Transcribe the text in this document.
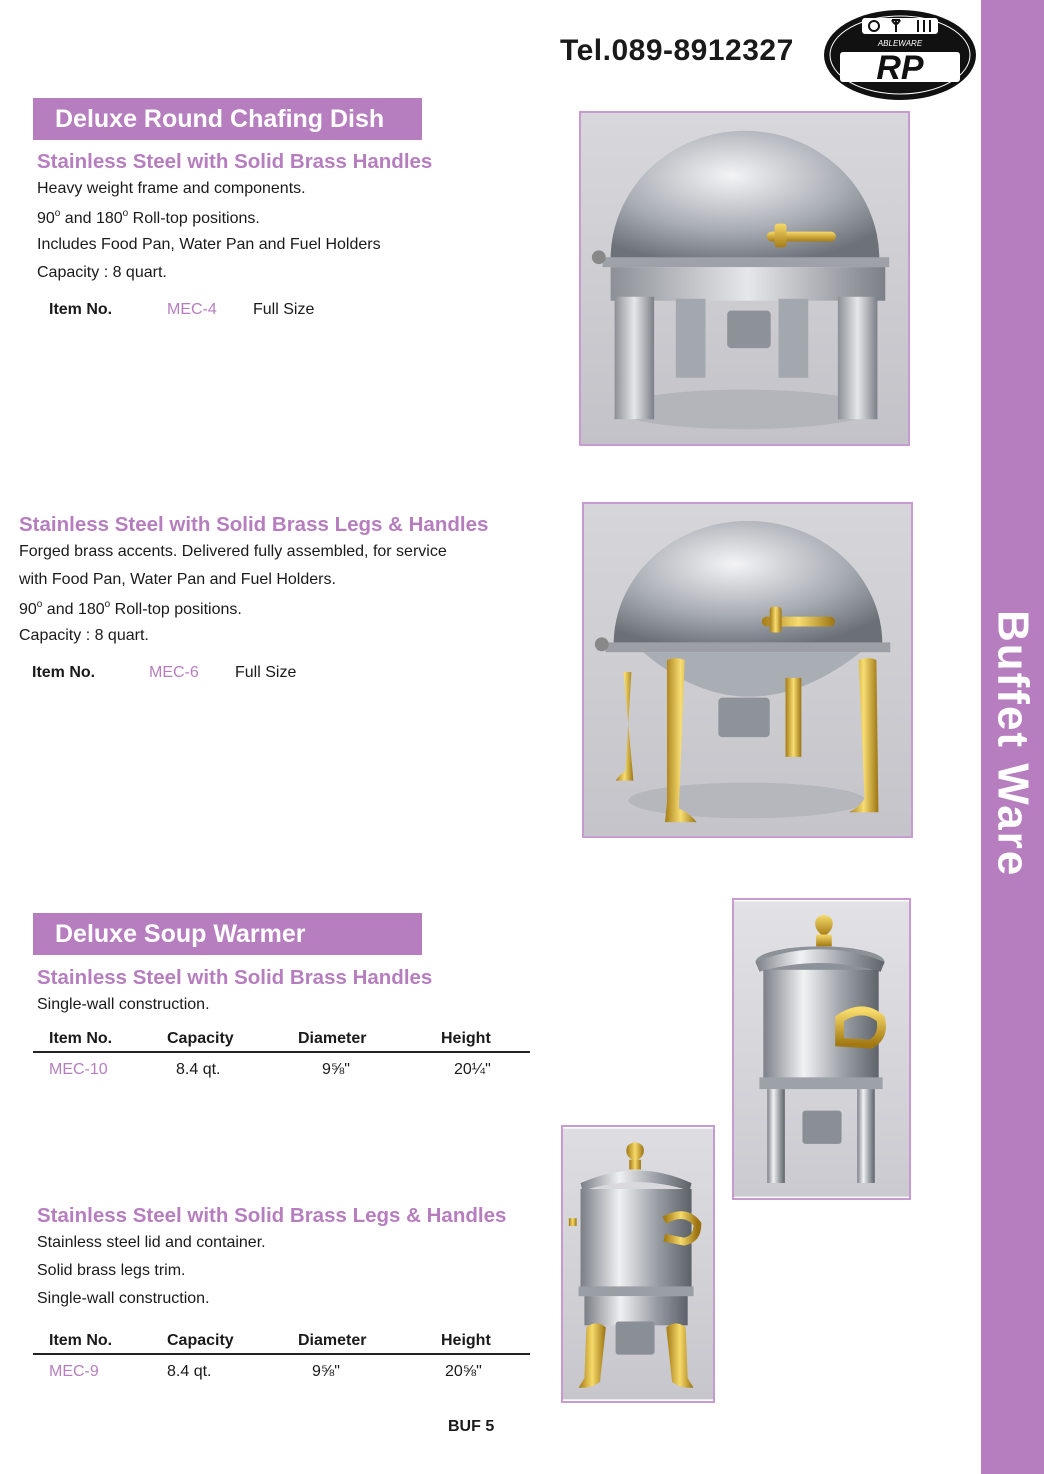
Buffet Ware
Tel.089-8912327	ABLEWARE
RP
Deluxe Round Chafing Dish
Stainless Steel with Solid Brass Handles
Heavy weight frame and components.
90$^o$ and 180$^o$ Roll-top positions.
Includes Food Pan, Water Pan and Fuel Holders
Capacity : 8 quart.
Item No.	MEC-4 Full Size
Stainless Steel with Solid Brass Legs & Handles
Forged brass accents. Delivered fully assembled, for service
with Food Pan, Water Pan and Fuel Holders.
90$^o$ and 180$^o$ Roll-top positions.
Capacity : 8 quart.
Item No.	MEC-6 Full Size
Deluxe Soup Warmer
Stainless Steel with Solid Brass Handles
Single-wall construction.
Item No.	Capacity	Diameter	Height
MEC-10	8.4 qt.	9⅝"	20¼"
Stainless Steel with Solid Brass Legs & Handles
Stainless steel lid and container.
Solid brass legs trim.
Single-wall construction.
Item No.	Capacity	Diameter	Height
MEC-9	8.4 qt.	9⅝"	20⅝"
BUF 5
